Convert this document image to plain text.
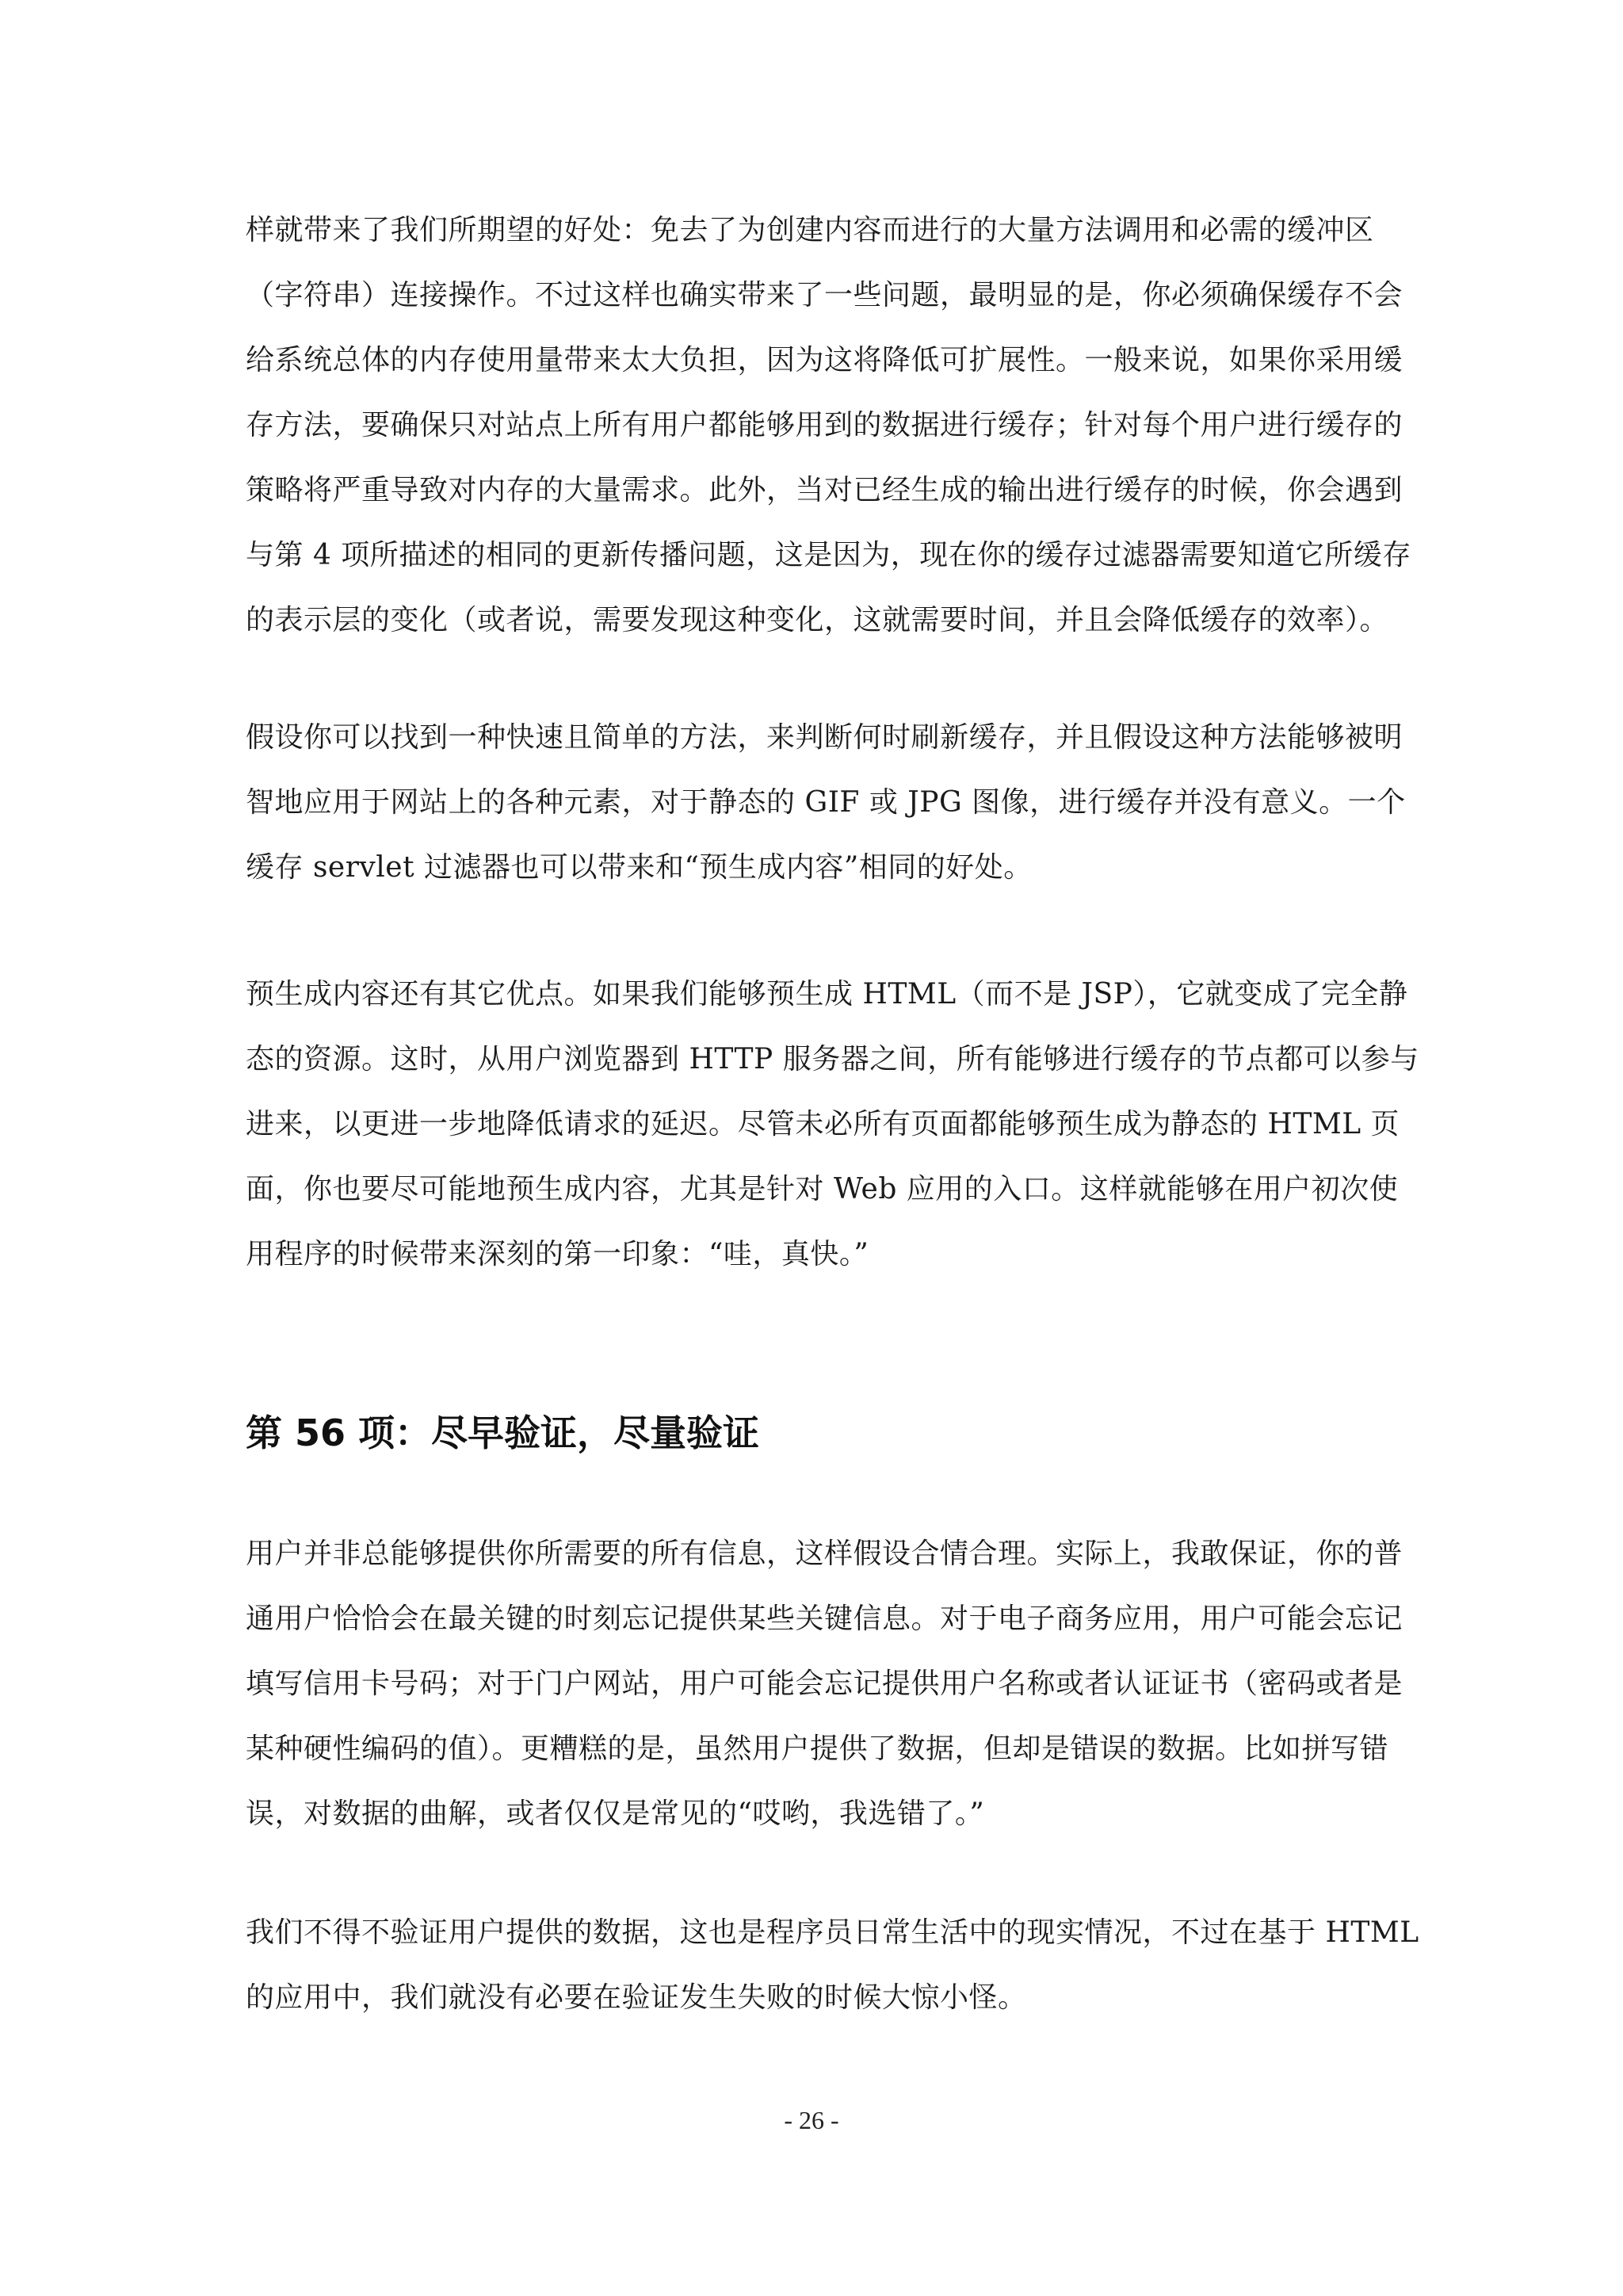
样就带来了我们所期望的好处：免去了为创建内容而进行的大量方法调用和必需的缓冲区
（字符串）连接操作。不过这样也确实带来了一些问题，最明显的是，你必须确保缓存不会
给系统总体的内存使用量带来太大负担，因为这将降低可扩展性。一般来说，如果你采用缓
存方法，要确保只对站点上所有用户都能够用到的数据进行缓存；针对每个用户进行缓存的
策略将严重导致对内存的大量需求。此外，当对已经生成的输出进行缓存的时候，你会遇到
与第 4 项所描述的相同的更新传播问题，这是因为，现在你的缓存过滤器需要知道它所缓存
的表示层的变化（或者说，需要发现这种变化，这就需要时间，并且会降低缓存的效率）。
假设你可以找到一种快速且简单的方法，来判断何时刷新缓存，并且假设这种方法能够被明
智地应用于网站上的各种元素，对于静态的 GIF 或 JPG 图像，进行缓存并没有意义。一个
缓存 servlet 过滤器也可以带来和“预生成内容”相同的好处。
预生成内容还有其它优点。如果我们能够预生成 HTML（而不是 JSP），它就变成了完全静
态的资源。这时，从用户浏览器到 HTTP 服务器之间，所有能够进行缓存的节点都可以参与
进来，以更进一步地降低请求的延迟。尽管未必所有页面都能够预生成为静态的 HTML 页
面，你也要尽可能地预生成内容，尤其是针对 Web 应用的入口。这样就能够在用户初次使
用程序的时候带来深刻的第一印象：“哇，真快。”
第 56 项：尽早验证，尽量验证
用户并非总能够提供你所需要的所有信息，这样假设合情合理。实际上，我敢保证，你的普
通用户恰恰会在最关键的时刻忘记提供某些关键信息。对于电子商务应用，用户可能会忘记
填写信用卡号码；对于门户网站，用户可能会忘记提供用户名称或者认证证书（密码或者是
某种硬性编码的值）。更糟糕的是，虽然用户提供了数据，但却是错误的数据。比如拼写错
误，对数据的曲解，或者仅仅是常见的“哎哟，我选错了。”
我们不得不验证用户提供的数据，这也是程序员日常生活中的现实情况，不过在基于 HTML
的应用中，我们就没有必要在验证发生失败的时候大惊小怪。
- 26 -
